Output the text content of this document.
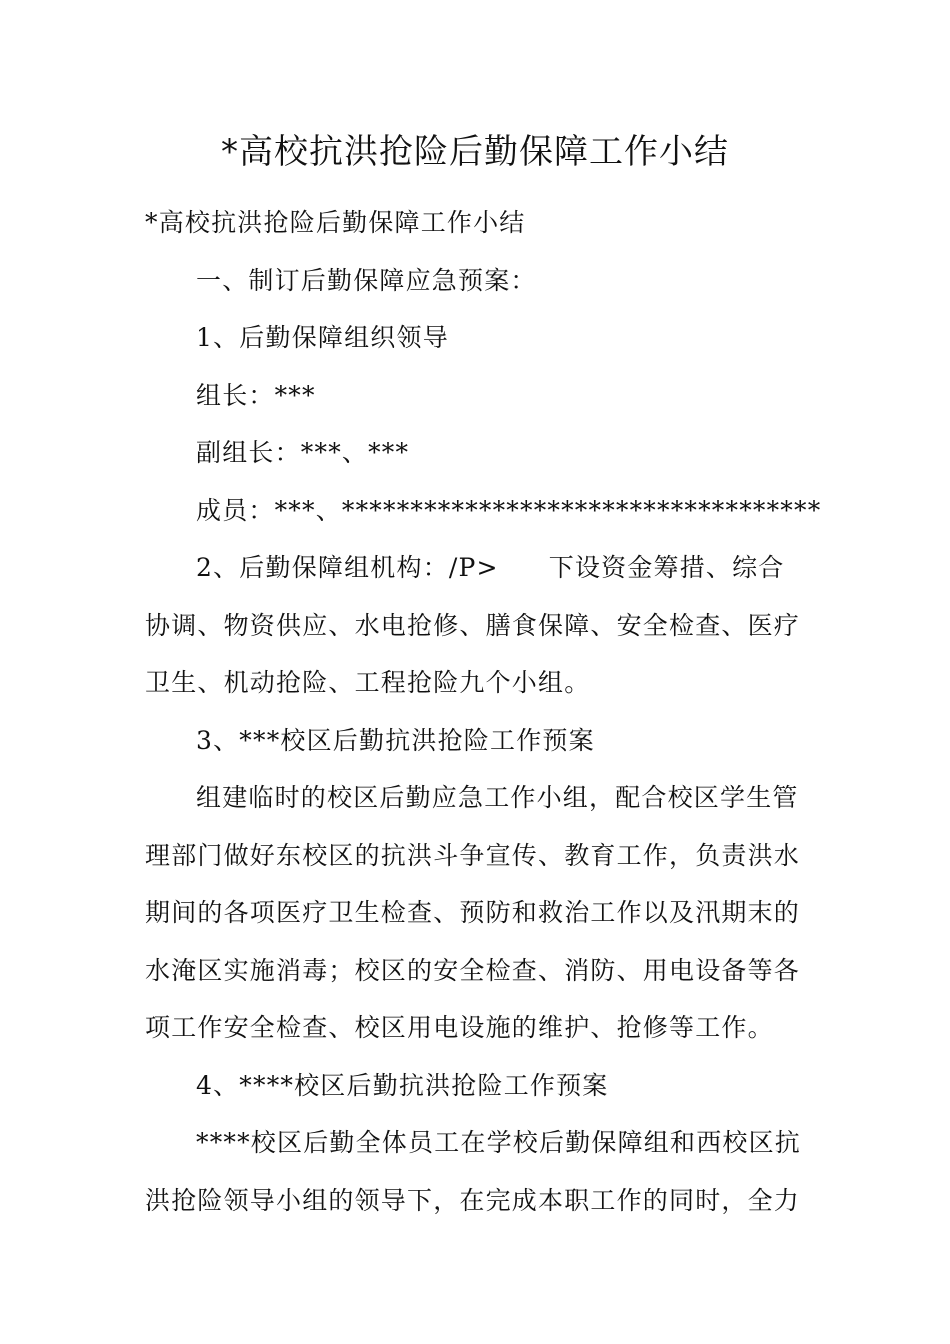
*高校抗洪抢险后勤保障工作小结

*高校抗洪抢险后勤保障工作小结

一、制订后勤保障应急预案：

1、后勤保障组织领导

组长：***

副组长：***、***

成员：***、***********************************

2、后勤保障组机构：/P> 下设资金筹措、综合协调、物资供应、水电抢修、膳食保障、安全检查、医疗卫生、机动抢险、工程抢险九个小组。

3、***校区后勤抗洪抢险工作预案

组建临时的校区后勤应急工作小组，配合校区学生管理部门做好东校区的抗洪斗争宣传、教育工作，负责洪水期间的各项医疗卫生检查、预防和救治工作以及汛期末的水淹区实施消毒；校区的安全检查、消防、用电设备等各项工作安全检查、校区用电设施的维护、抢修等工作。

4、****校区后勤抗洪抢险工作预案

****校区后勤全体员工在学校后勤保障组和西校区抗洪抢险领导小组的领导下，在完成本职工作的同时，全力
